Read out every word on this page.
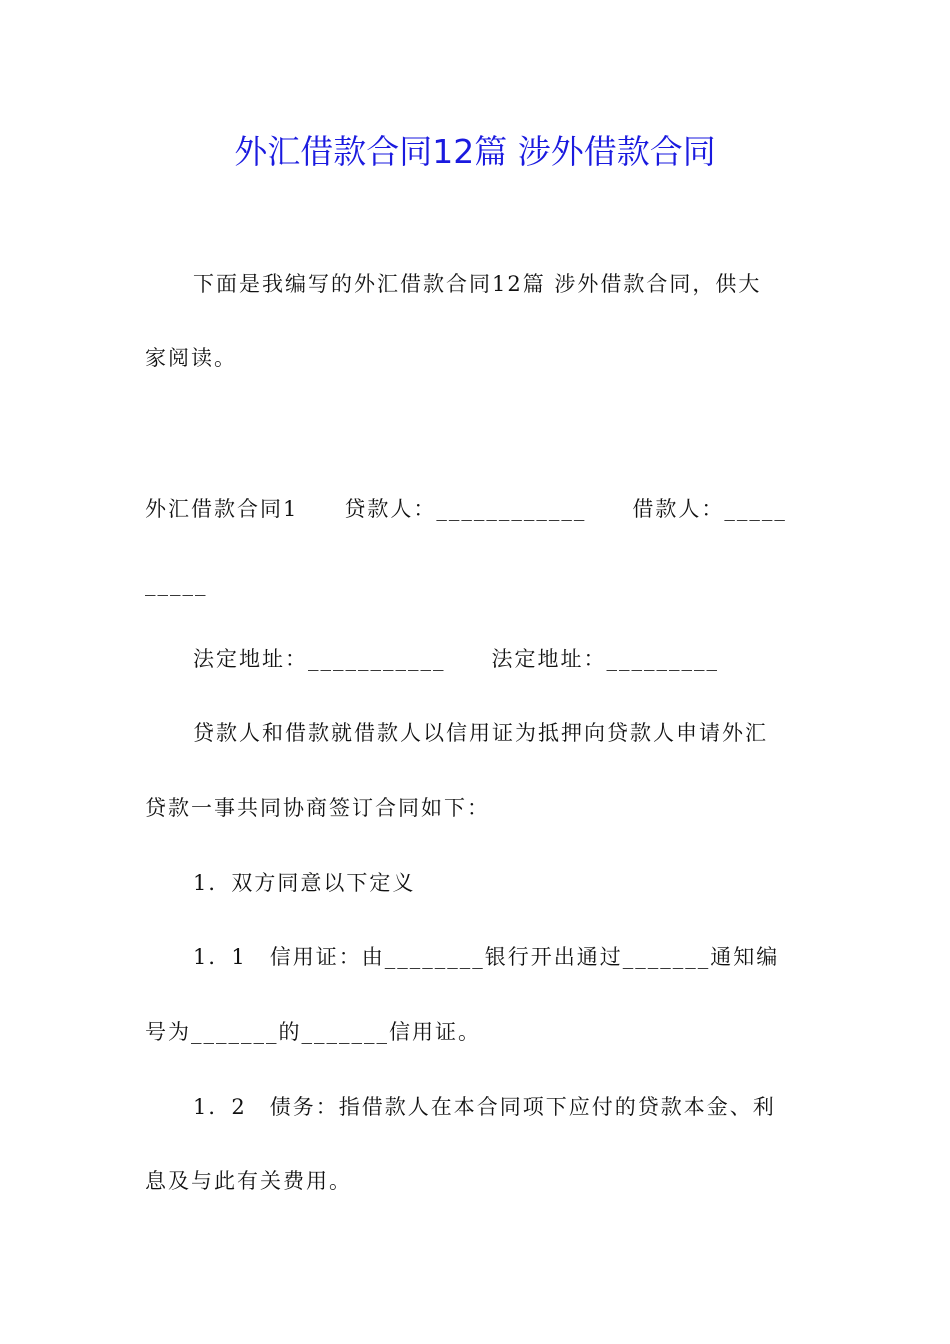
外汇借款合同12篇 涉外借款合同
下面是我编写的外汇借款合同12篇 涉外借款合同，供大
家阅读。
外汇借款合同1　　贷款人：____________　　借款人：_____
_____
法定地址：___________　　法定地址：_________
贷款人和借款就借款人以信用证为抵押向贷款人申请外汇
贷款一事共同协商签订合同如下：
1．双方同意以下定义
1．1　信用证：由________银行开出通过_______通知编
号为_______的_______信用证。
1．2　债务：指借款人在本合同项下应付的贷款本金、利
息及与此有关费用。
